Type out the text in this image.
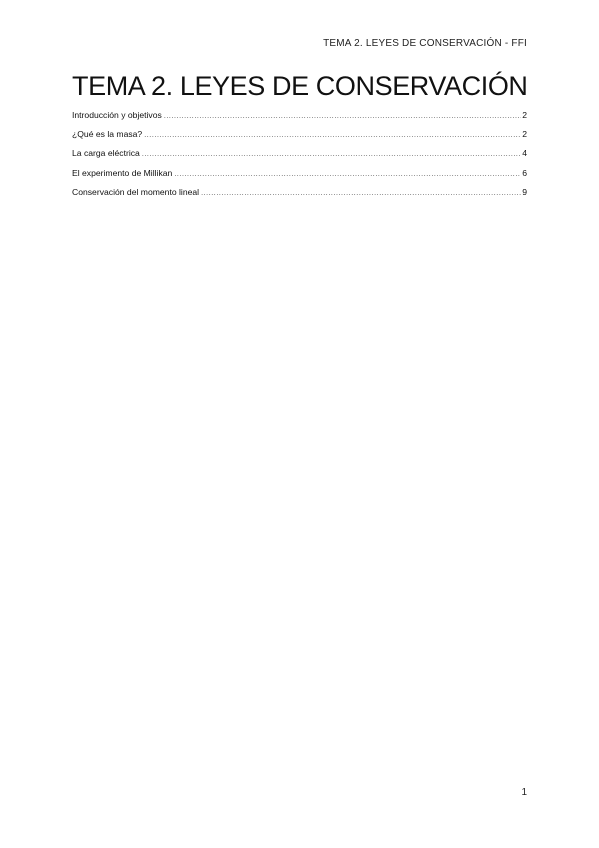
TEMA 2. LEYES DE CONSERVACIÓN - FFI
TEMA 2. LEYES DE CONSERVACIÓN
Introducción y objetivos .....	2
¿Qué es la masa? .....	2
La carga eléctrica .....	4
El experimento de Millikan .....	6
Conservación del momento lineal .....	9
1
